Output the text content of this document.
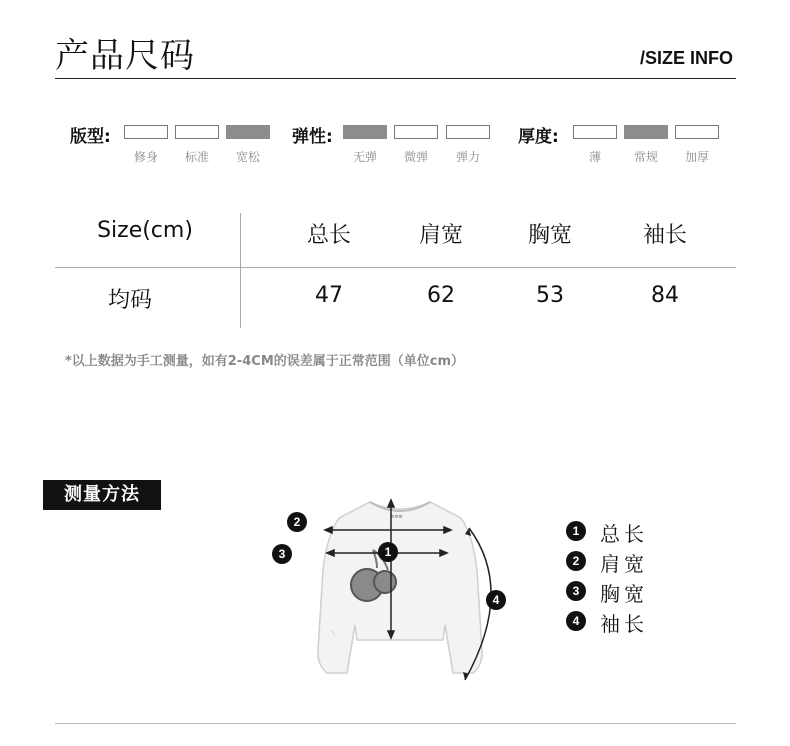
产品尺码	/SIZE INFO
版型:
修身	标准	宽松
弹性:
无弹	微弹	弹力
厚度:
薄	常规	加厚
Size(cm)	总长	肩宽	胸宽	袖长
均码	47	62	53	84
*以上数据为手工测量，如有2-4CM的误差属于正常范围（单位cm）
测量方法
≡≡≡
2
3	1
4
1	总长
2	肩宽
3	胸宽
4	袖长
